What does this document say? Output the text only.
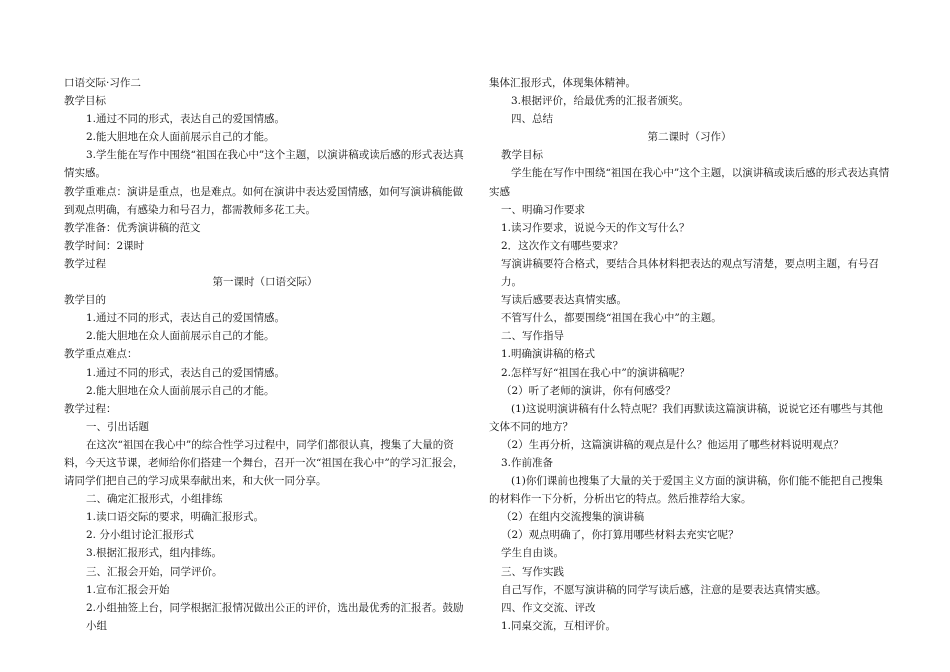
口语交际·习作二
教学目标
1.通过不同的形式，表达自己的爱国情感。
2.能大胆地在众人面前展示自己的才能。
3.学生能在写作中围绕“祖国在我心中”这个主题，以演讲稿或读后感的形式表达真情实感。
教学重难点：演讲是重点，也是难点。如何在演讲中表达爱国情感，如何写演讲稿能做到观点明确，有感染力和号召力，都需教师多花工夫。
教学准备：优秀演讲稿的范文
教学时间：2课时
教学过程
第一课时（口语交际）
教学目的
1.通过不同的形式，表达自己的爱国情感。
2.能大胆地在众人面前展示自己的才能。
教学重点难点：
1.通过不同的形式，表达自己的爱国情感。
2.能大胆地在众人面前展示自己的才能。
教学过程：
一、引出话题
在这次“祖国在我心中”的综合性学习过程中，同学们都很认真，搜集了大量的资料，今天这节课，老师给你们搭建一个舞台，召开一次“祖国在我心中”的学习汇报会，请同学们把自己的学习成果奉献出来，和大伙一同分享。
二、确定汇报形式，小组排练
1.读口语交际的要求，明确汇报形式。
2. 分小组讨论汇报形式
3.根据汇报形式，组内排练。
三、汇报会开始，同学评价。
1.宣布汇报会开始
2.小组抽签上台，同学根据汇报情况做出公正的评价，选出最优秀的汇报者。鼓励小组
集体汇报形式，体现集体精神。
3.根据评价，给最优秀的汇报者颁奖。
四、总结
第二课时（习作）
教学目标
学生能在写作中围绕“祖国在我心中”这个主题，以演讲稿或读后感的形式表达真情实感
一、明确习作要求
1.读习作要求，说说今天的作文写什么？
2．这次作文有哪些要求？
写演讲稿要符合格式，要结合具体材料把表达的观点写清楚，要点明主题，有号召力。
写读后感要表达真情实感。
不管写什么，都要围绕“祖国在我心中”的主题。
二、写作指导
1.明确演讲稿的格式
2.怎样写好“祖国在我心中”的演讲稿呢？
（2）听了老师的演讲，你有何感受？
(1)这说明演讲稿有什么特点呢？我们再默读这篇演讲稿，说说它还有哪些与其他文体不同的地方？
（2）生再分析，这篇演讲稿的观点是什么？他运用了哪些材料说明观点？
3.作前准备
(1)你们课前也搜集了大量的关于爱国主义方面的演讲稿，你们能不能把自己搜集的材料作一下分析，分析出它的特点。然后推荐给大家。
（2）在组内交流搜集的演讲稿
（2）观点明确了，你打算用哪些材料去充实它呢？
学生自由谈。
三、写作实践
自己写作，不愿写演讲稿的同学写读后感，注意的是要表达真情实感。
四、作文交流、评改
1.同桌交流，互相评价。
